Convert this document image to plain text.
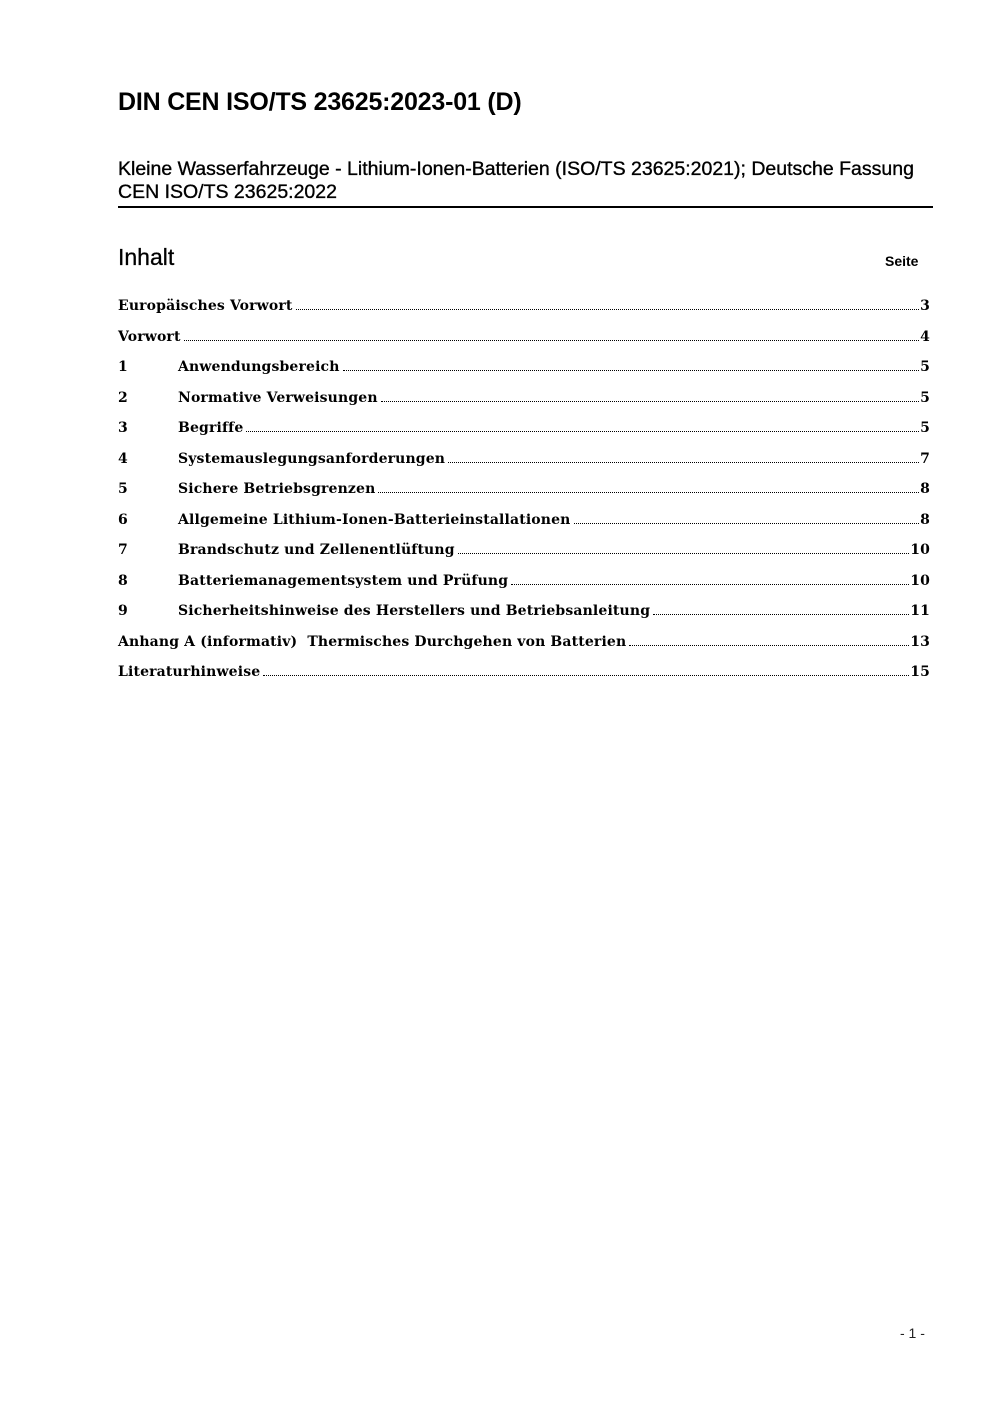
DIN CEN ISO/TS 23625:2023-01 (D)
Kleine Wasserfahrzeuge - Lithium-Ionen-Batterien (ISO/TS 23625:2021); Deutsche Fassung CEN ISO/TS 23625:2022
Inhalt	Seite
Europäisches Vorwort	3
Vorwort	4
1	Anwendungsbereich	5
2	Normative Verweisungen	5
3	Begriffe	5
4	Systemauslegungsanforderungen	7
5	Sichere Betriebsgrenzen	8
6	Allgemeine Lithium-Ionen-Batterieinstallationen	8
7	Brandschutz und Zellenentlüftung	10
8	Batteriemanagementsystem und Prüfung	10
9	Sicherheitshinweise des Herstellers und Betriebsanleitung	11
Anhang A (informativ)  Thermisches Durchgehen von Batterien	13
Literaturhinweise	15
- 1 -
